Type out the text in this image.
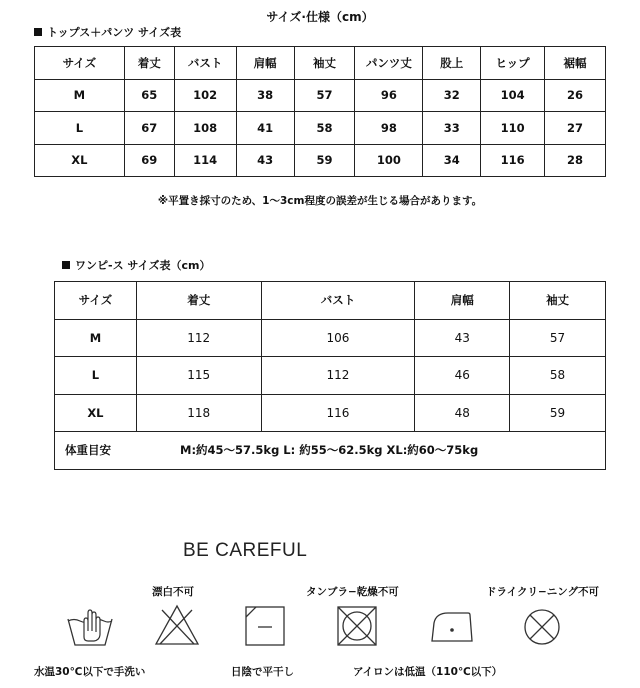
サイズ·仕様（cm）
トップス＋パンツ サイズ表
サイズ	着丈	バスト	肩幅	袖丈	パンツ丈	股上	ヒップ	裾幅
M	65	102	38	57	96	32	104	26
L	67	108	41	58	98	33	110	27
XL	69	114	43	59	100	34	116	28
※平置き採寸のため、1～3cm程度の誤差が生じる場合があります。
ワンピ-ス サイズ表（cm）
サイズ	着丈	バスト	肩幅	袖丈
M	112	106	43	57
L	115	112	46	58
XL	118	116	48	59
体重目安 M:約45～57.5kg L: 約55～62.5kg XL:約60～75kg				
BE CAREFUL
漂白不可	タンブラ−乾燥不可	ドライクリ−ニング不可
水温30℃以下で手洗い	日陰で平干し	アイロンは低温（110℃以下）
